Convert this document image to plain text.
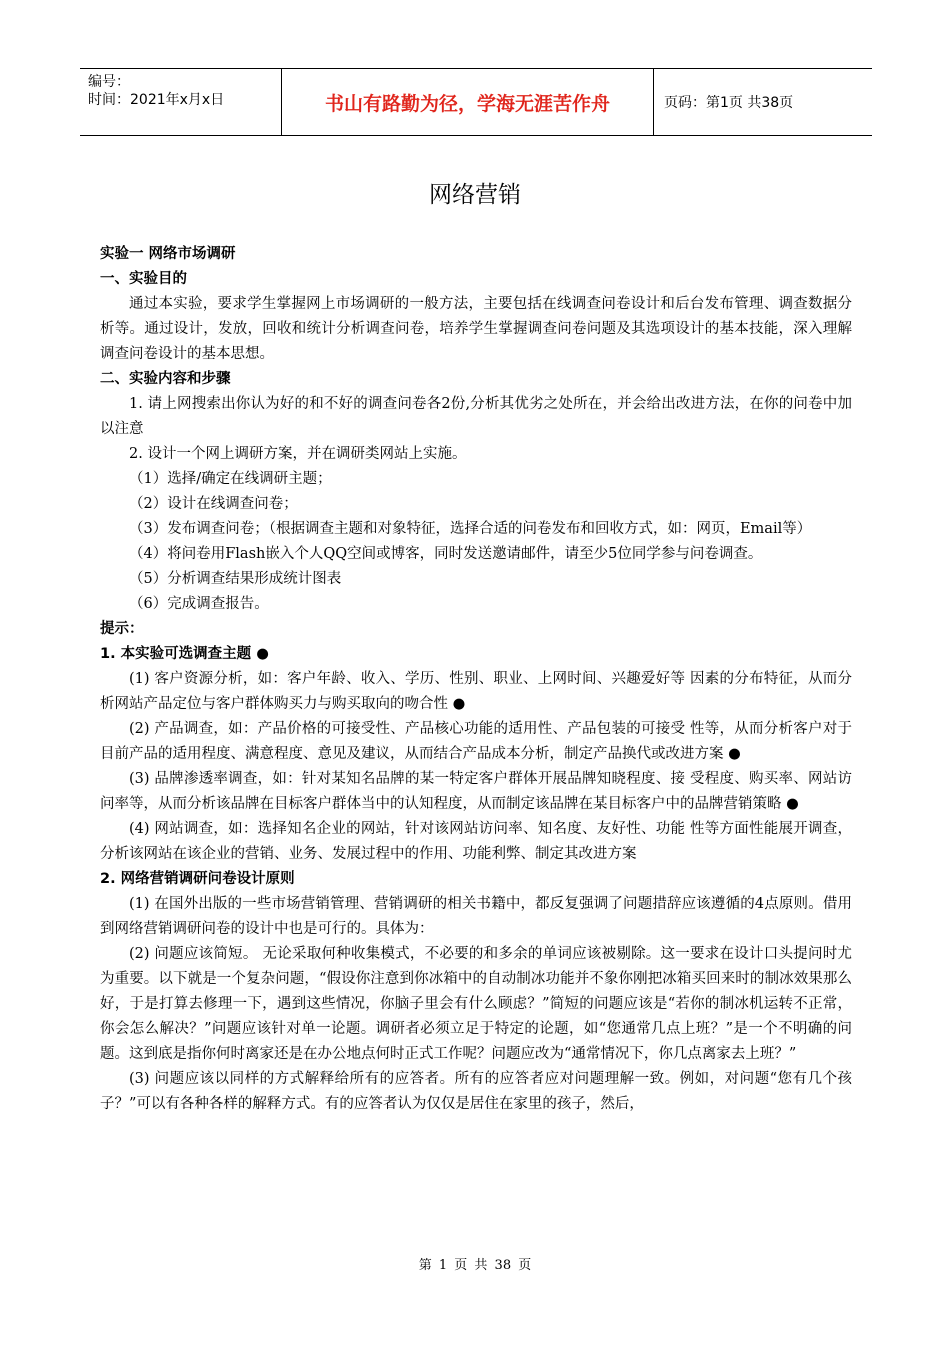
编号：
时间：2021年x月x日	书山有路勤为径，学海无涯苦作舟	页码：第1页 共38页
网络营销

实验一 网络市场调研

一、实验目的

通过本实验，要求学生掌握网上市场调研的一般方法，主要包括在线调查问卷设计和后台发布管理、调查数据分析等。通过设计，发放，回收和统计分析调查问卷，培养学生掌握调查问卷问题及其选项设计的基本技能，深入理解调查问卷设计的基本思想。

二、实验内容和步骤

1. 请上网搜索出你认为好的和不好的调查问卷各2份,分析其优劣之处所在，并会给出改进方法，在你的问卷中加以注意

2. 设计一个网上调研方案，并在调研类网站上实施。

（1）选择/确定在线调研主题；

（2）设计在线调查问卷；

（3）发布调查问卷；（根据调查主题和对象特征，选择合适的问卷发布和回收方式，如：网页，Email等）

（4）将问卷用Flash嵌入个人QQ空间或博客，同时发送邀请邮件，请至少5位同学参与问卷调查。

（5）分析调查结果形成统计图表

（6）完成调查报告。

提示：

1. 本实验可选调查主题 ●

(1) 客户资源分析，如：客户年龄、收入、学历、性别、职业、上网时间、兴趣爱好等 因素的分布特征，从而分析网站产品定位与客户群体购买力与购买取向的吻合性 ●

(2) 产品调查，如：产品价格的可接受性、产品核心功能的适用性、产品包装的可接受 性等，从而分析客户对于目前产品的适用程度、满意程度、意见及建议，从而结合产品成本分析，制定产品换代或改进方案 ●

(3) 品牌渗透率调查，如：针对某知名品牌的某一特定客户群体开展品牌知晓程度、接 受程度、购买率、网站访问率等，从而分析该品牌在目标客户群体当中的认知程度，从而制定该品牌在某目标客户中的品牌营销策略 ●

(4) 网站调查，如：选择知名企业的网站，针对该网站访问率、知名度、友好性、功能 性等方面性能展开调查，分析该网站在该企业的营销、业务、发展过程中的作用、功能利弊、制定其改进方案

2. 网络营销调研问卷设计原则

(1) 在国外出版的一些市场营销管理、营销调研的相关书籍中，都反复强调了问题措辞应该遵循的4点原则。借用到网络营销调研问卷的设计中也是可行的。具体为：

(2) 问题应该简短。 无论采取何种收集模式，不必要的和多余的单词应该被剔除。这一要求在设计口头提问时尤为重要。以下就是一个复杂问题，“假设你注意到你冰箱中的自动制冰功能并不象你刚把冰箱买回来时的制冰效果那么好，于是打算去修理一下，遇到这些情况，你脑子里会有什么顾虑？”简短的问题应该是“若你的制冰机运转不正常，你会怎么解决？”问题应该针对单一论题。调研者必须立足于特定的论题，如“您通常几点上班？”是一个不明确的问题。这到底是指你何时离家还是在办公地点何时正式工作呢？问题应改为“通常情况下，你几点离家去上班？”

(3) 问题应该以同样的方式解释给所有的应答者。所有的应答者应对问题理解一致。例如，对问题“您有几个孩子？”可以有各种各样的解释方式。有的应答者认为仅仅是居住在家里的孩子，然后，

第 1 页 共 38 页
